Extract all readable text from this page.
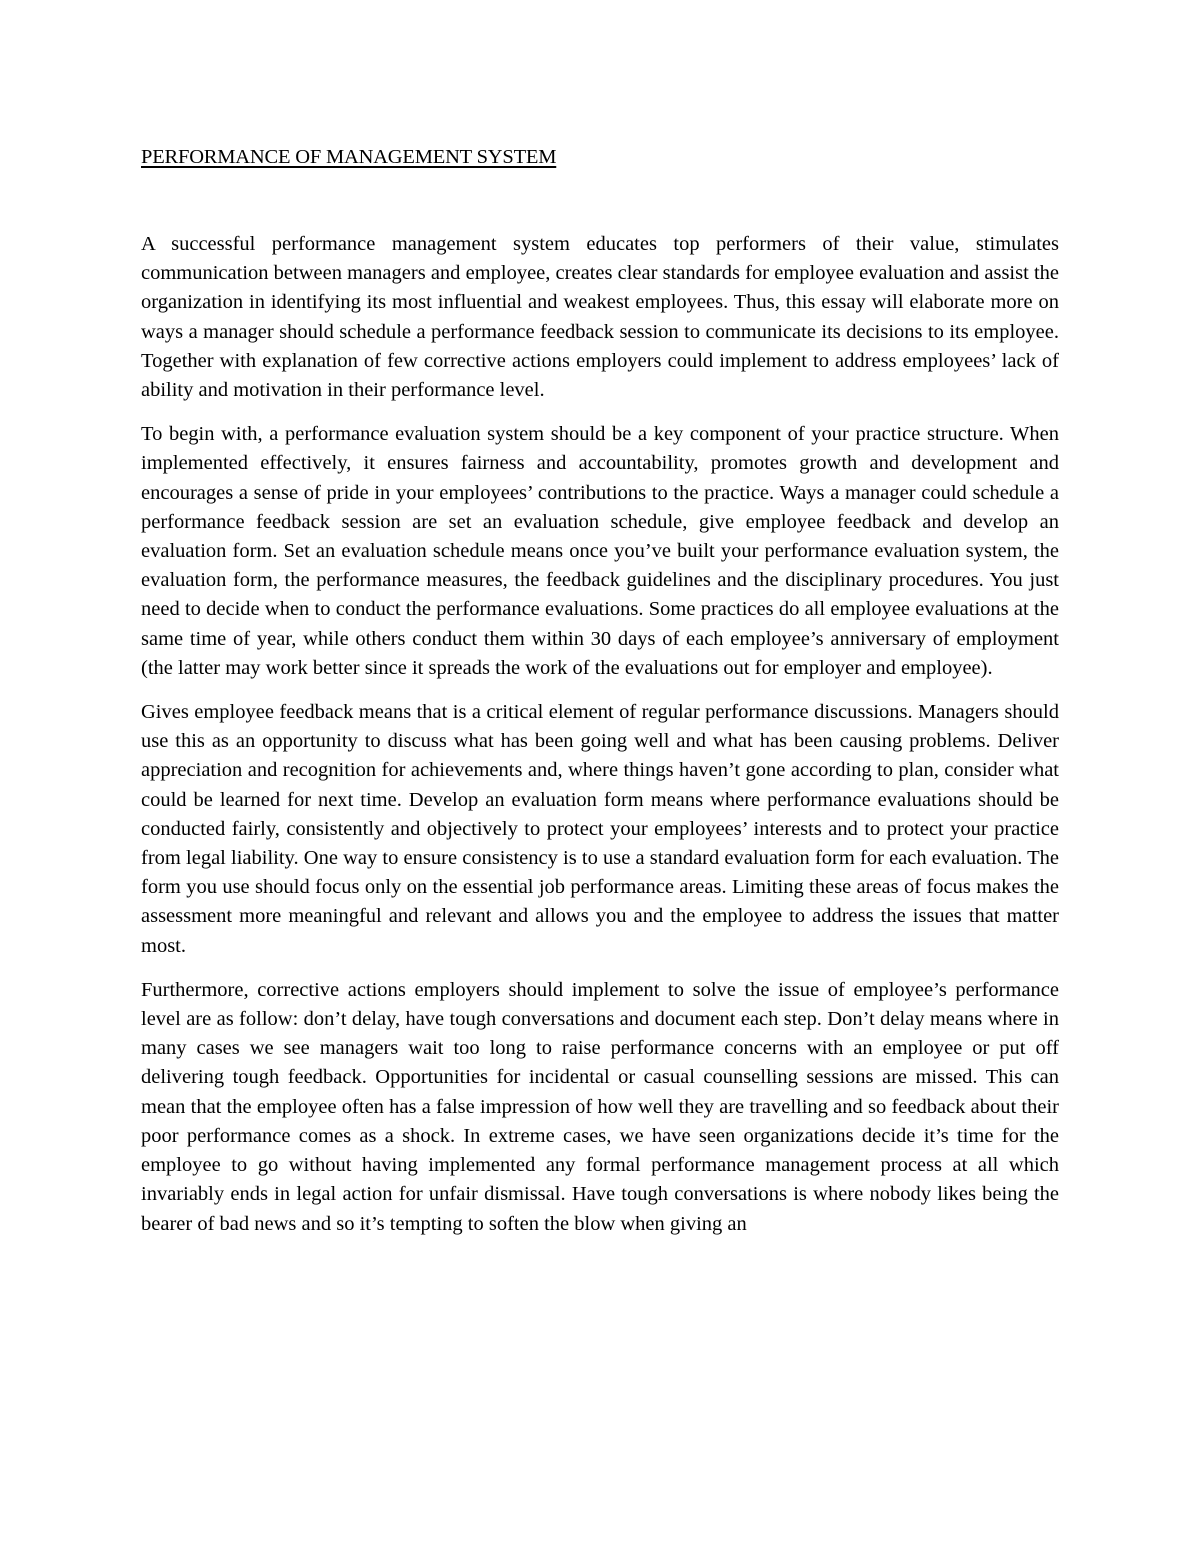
PERFORMANCE OF MANAGEMENT SYSTEM

A successful performance management system educates top performers of their value, stimulates communication between managers and employee, creates clear standards for employee evaluation and assist the organization in identifying its most influential and weakest employees. Thus, this essay will elaborate more on ways a manager should schedule a performance feedback session to communicate its decisions to its employee. Together with explanation of few corrective actions employers could implement to address employees’ lack of ability and motivation in their performance level.

To begin with, a performance evaluation system should be a key component of your practice structure. When implemented effectively, it ensures fairness and accountability, promotes growth and development and encourages a sense of pride in your employees’ contributions to the practice. Ways a manager could schedule a performance feedback session are set an evaluation schedule, give employee feedback and develop an evaluation form. Set an evaluation schedule means once you’ve built your performance evaluation system, the evaluation form, the performance measures, the feedback guidelines and the disciplinary procedures. You just need to decide when to conduct the performance evaluations. Some practices do all employee evaluations at the same time of year, while others conduct them within 30 days of each employee’s anniversary of employment (the latter may work better since it spreads the work of the evaluations out for employer and employee).

Gives employee feedback means that is a critical element of regular performance discussions. Managers should use this as an opportunity to discuss what has been going well and what has been causing problems. Deliver appreciation and recognition for achievements and, where things haven’t gone according to plan, consider what could be learned for next time. Develop an evaluation form means where performance evaluations should be conducted fairly, consistently and objectively to protect your employees’ interests and to protect your practice from legal liability. One way to ensure consistency is to use a standard evaluation form for each evaluation. The form you use should focus only on the essential job performance areas. Limiting these areas of focus makes the assessment more meaningful and relevant and allows you and the employee to address the issues that matter most.

Furthermore, corrective actions employers should implement to solve the issue of employee’s performance level are as follow: don’t delay, have tough conversations and document each step. Don’t delay means where in many cases we see managers wait too long to raise performance concerns with an employee or put off delivering tough feedback. Opportunities for incidental or casual counselling sessions are missed. This can mean that the employee often has a false impression of how well they are travelling and so feedback about their poor performance comes as a shock. In extreme cases, we have seen organizations decide it’s time for the employee to go without having implemented any formal performance management process at all which invariably ends in legal action for unfair dismissal. Have tough conversations is where nobody likes being the bearer of bad news and so it’s tempting to soften the blow when giving an
